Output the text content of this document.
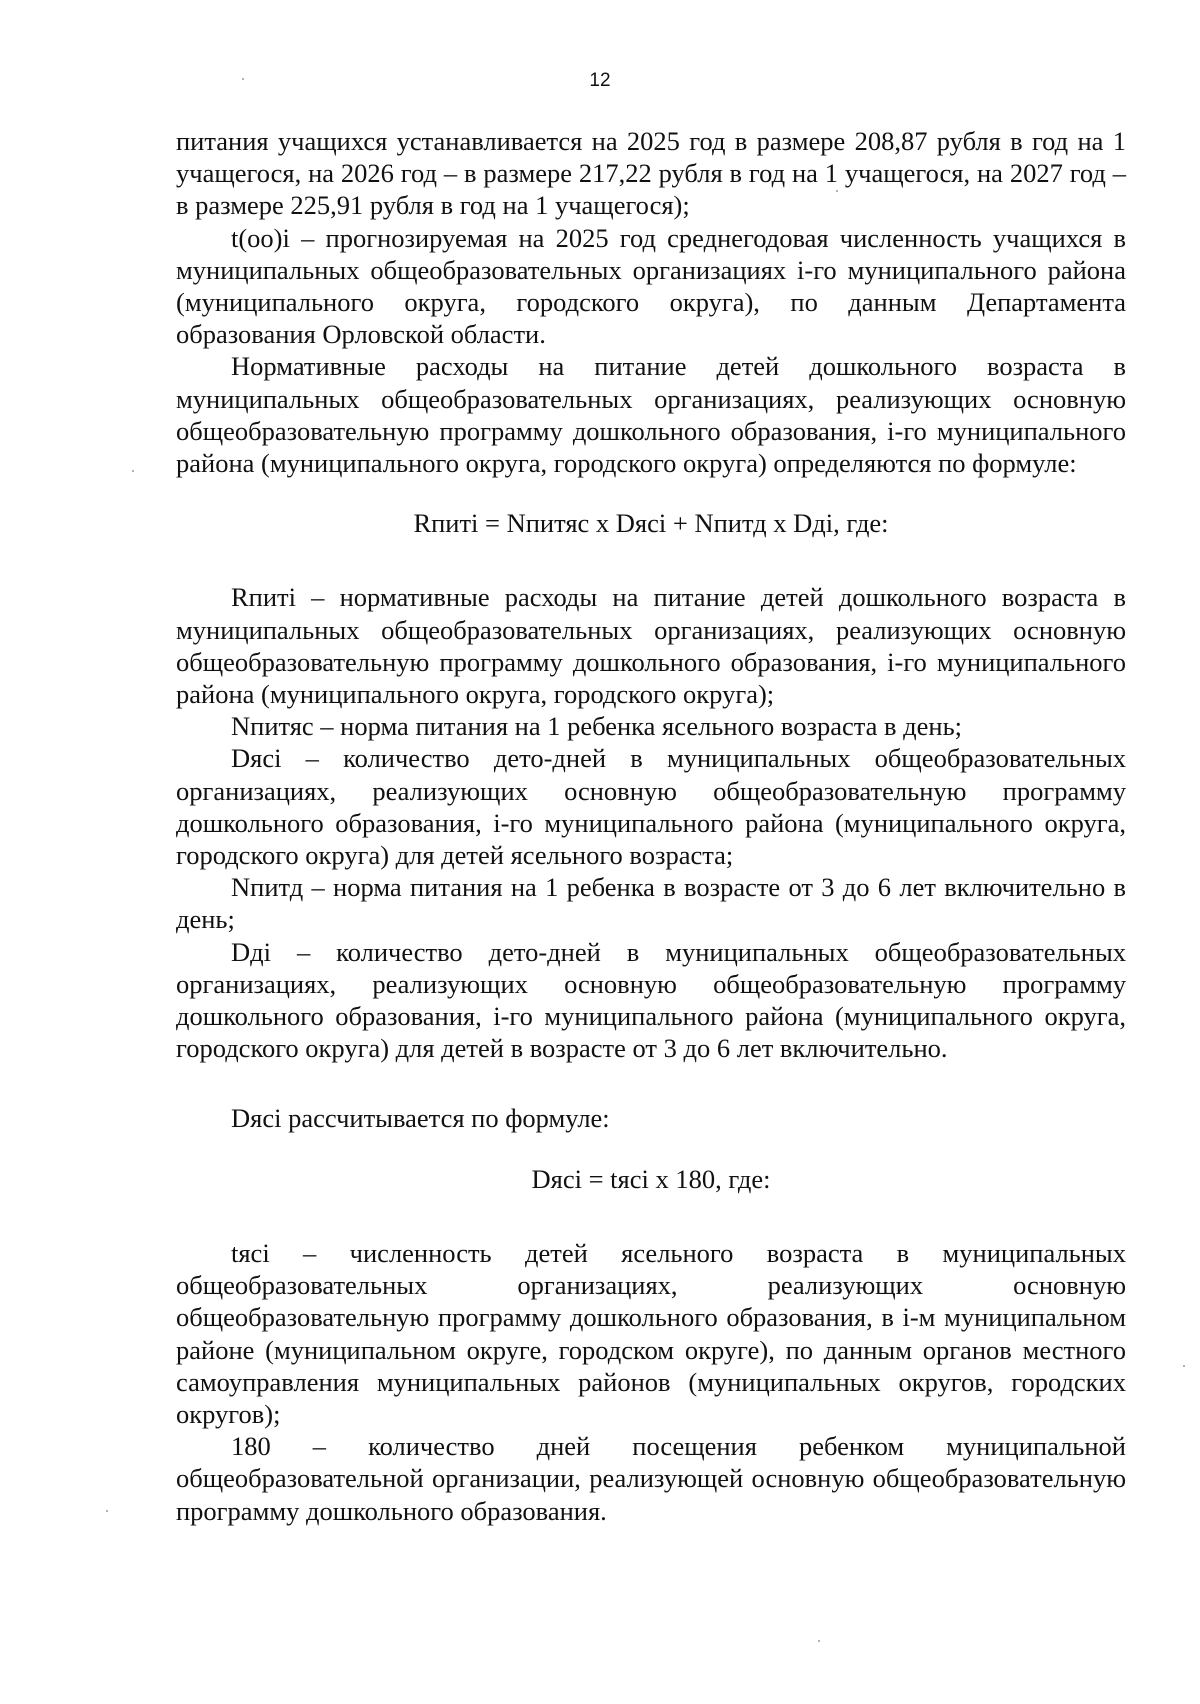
12

питания учащихся устанавливается на 2025 год в размере 208,87 рубля в год на 1 учащегося, на 2026 год – в размере 217,22 рубля в год на 1 учащегося, на 2027 год – в размере 225,91 рубля в год на 1 учащегося);

t(оо)i – прогнозируемая на 2025 год среднегодовая численность учащихся в муниципальных общеобразовательных организациях i-го муниципального района (муниципального округа, городского округа), по данным Департамента образования Орловской области.

Нормативные расходы на питание детей дошкольного возраста в муниципальных общеобразовательных организациях, реализующих основную общеобразовательную программу дошкольного образования, i-го муниципального района (муниципального округа, городского округа) определяются по формуле:

Rпитi = Nпитяс x Dясi + Nпитд x Dдi, где:

Rпитi – нормативные расходы на питание детей дошкольного возраста в муниципальных общеобразовательных организациях, реализующих основную общеобразовательную программу дошкольного образования, i-го муниципального района (муниципального округа, городского округа);

Nпитяс – норма питания на 1 ребенка ясельного возраста в день;

Dясi – количество дето-дней в муниципальных общеобразовательных организациях, реализующих основную общеобразовательную программу дошкольного образования, i-го муниципального района (муниципального округа, городского округа) для детей ясельного возраста;

Nпитд – норма питания на 1 ребенка в возрасте от 3 до 6 лет включительно в день;

Dдi – количество дето-дней в муниципальных общеобразовательных организациях, реализующих основную общеобразовательную программу дошкольного образования, i-го муниципального района (муниципального округа, городского округа) для детей в возрасте от 3 до 6 лет включительно.

Dясi рассчитывается по формуле:

Dясi = tясi x 180, где:

tясi – численность детей ясельного возраста в муниципальных общеобразовательных организациях, реализующих основную общеобразовательную программу дошкольного образования, в i-м муниципальном районе (муниципальном округе, городском округе), по данным органов местного самоуправления муниципальных районов (муниципальных округов, городских округов);

180 – количество дней посещения ребенком муниципальной общеобразовательной организации, реализующей основную общеобразовательную программу дошкольного образования.
